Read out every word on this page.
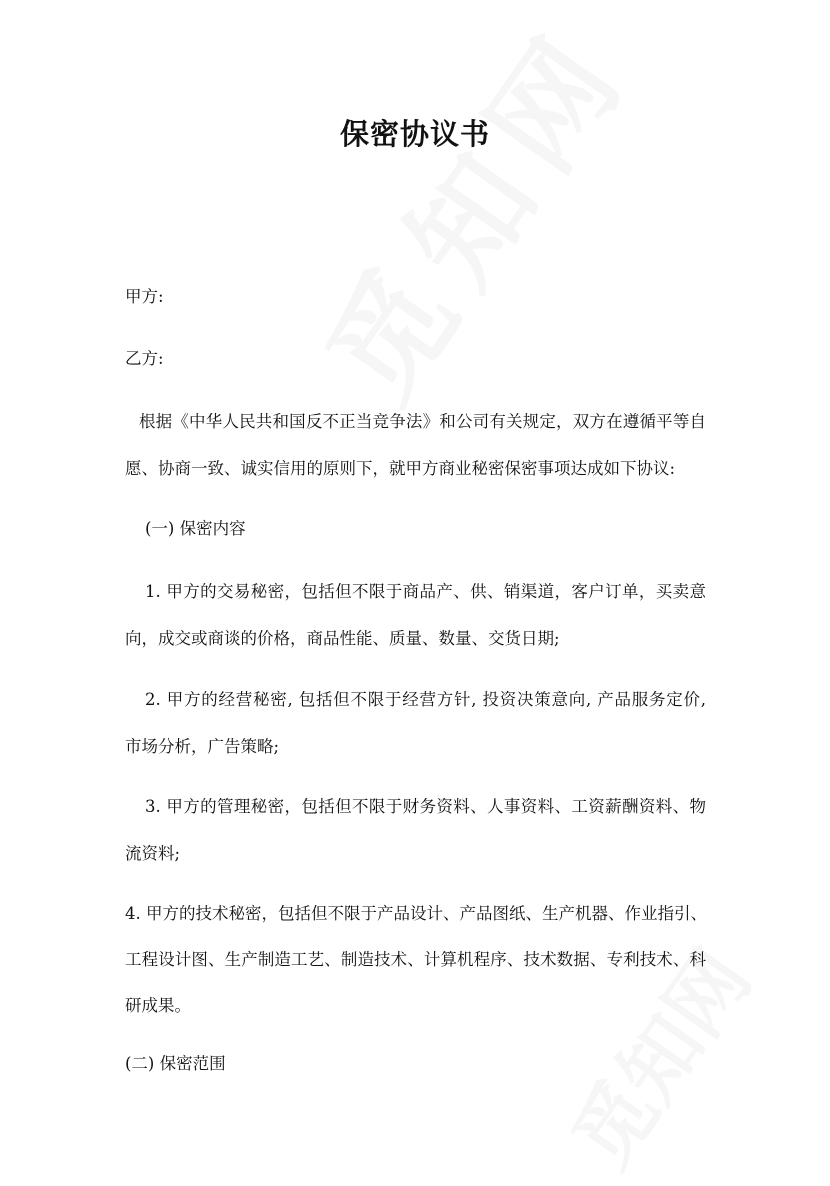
保密协议书
甲方:
乙方:
根据《中华人民共和国反不正当竞争法》和公司有关规定，双方在遵循平等自
愿、协商一致、诚实信用的原则下，就甲方商业秘密保密事项达成如下协议:
(一) 保密内容
1. 甲方的交易秘密，包括但不限于商品产、供、销渠道，客户订单，买卖意
向，成交或商谈的价格，商品性能、质量、数量、交货日期;
2. 甲方的经营秘密, 包括但不限于经营方针, 投资决策意向, 产品服务定价,
市场分析，广告策略;
3. 甲方的管理秘密，包括但不限于财务资料、人事资料、工资薪酬资料、物
流资料;
4. 甲方的技术秘密，包括但不限于产品设计、产品图纸、生产机器、作业指引、
工程设计图、生产制造工艺、制造技术、计算机程序、技术数据、专利技术、科
研成果。
(二) 保密范围
